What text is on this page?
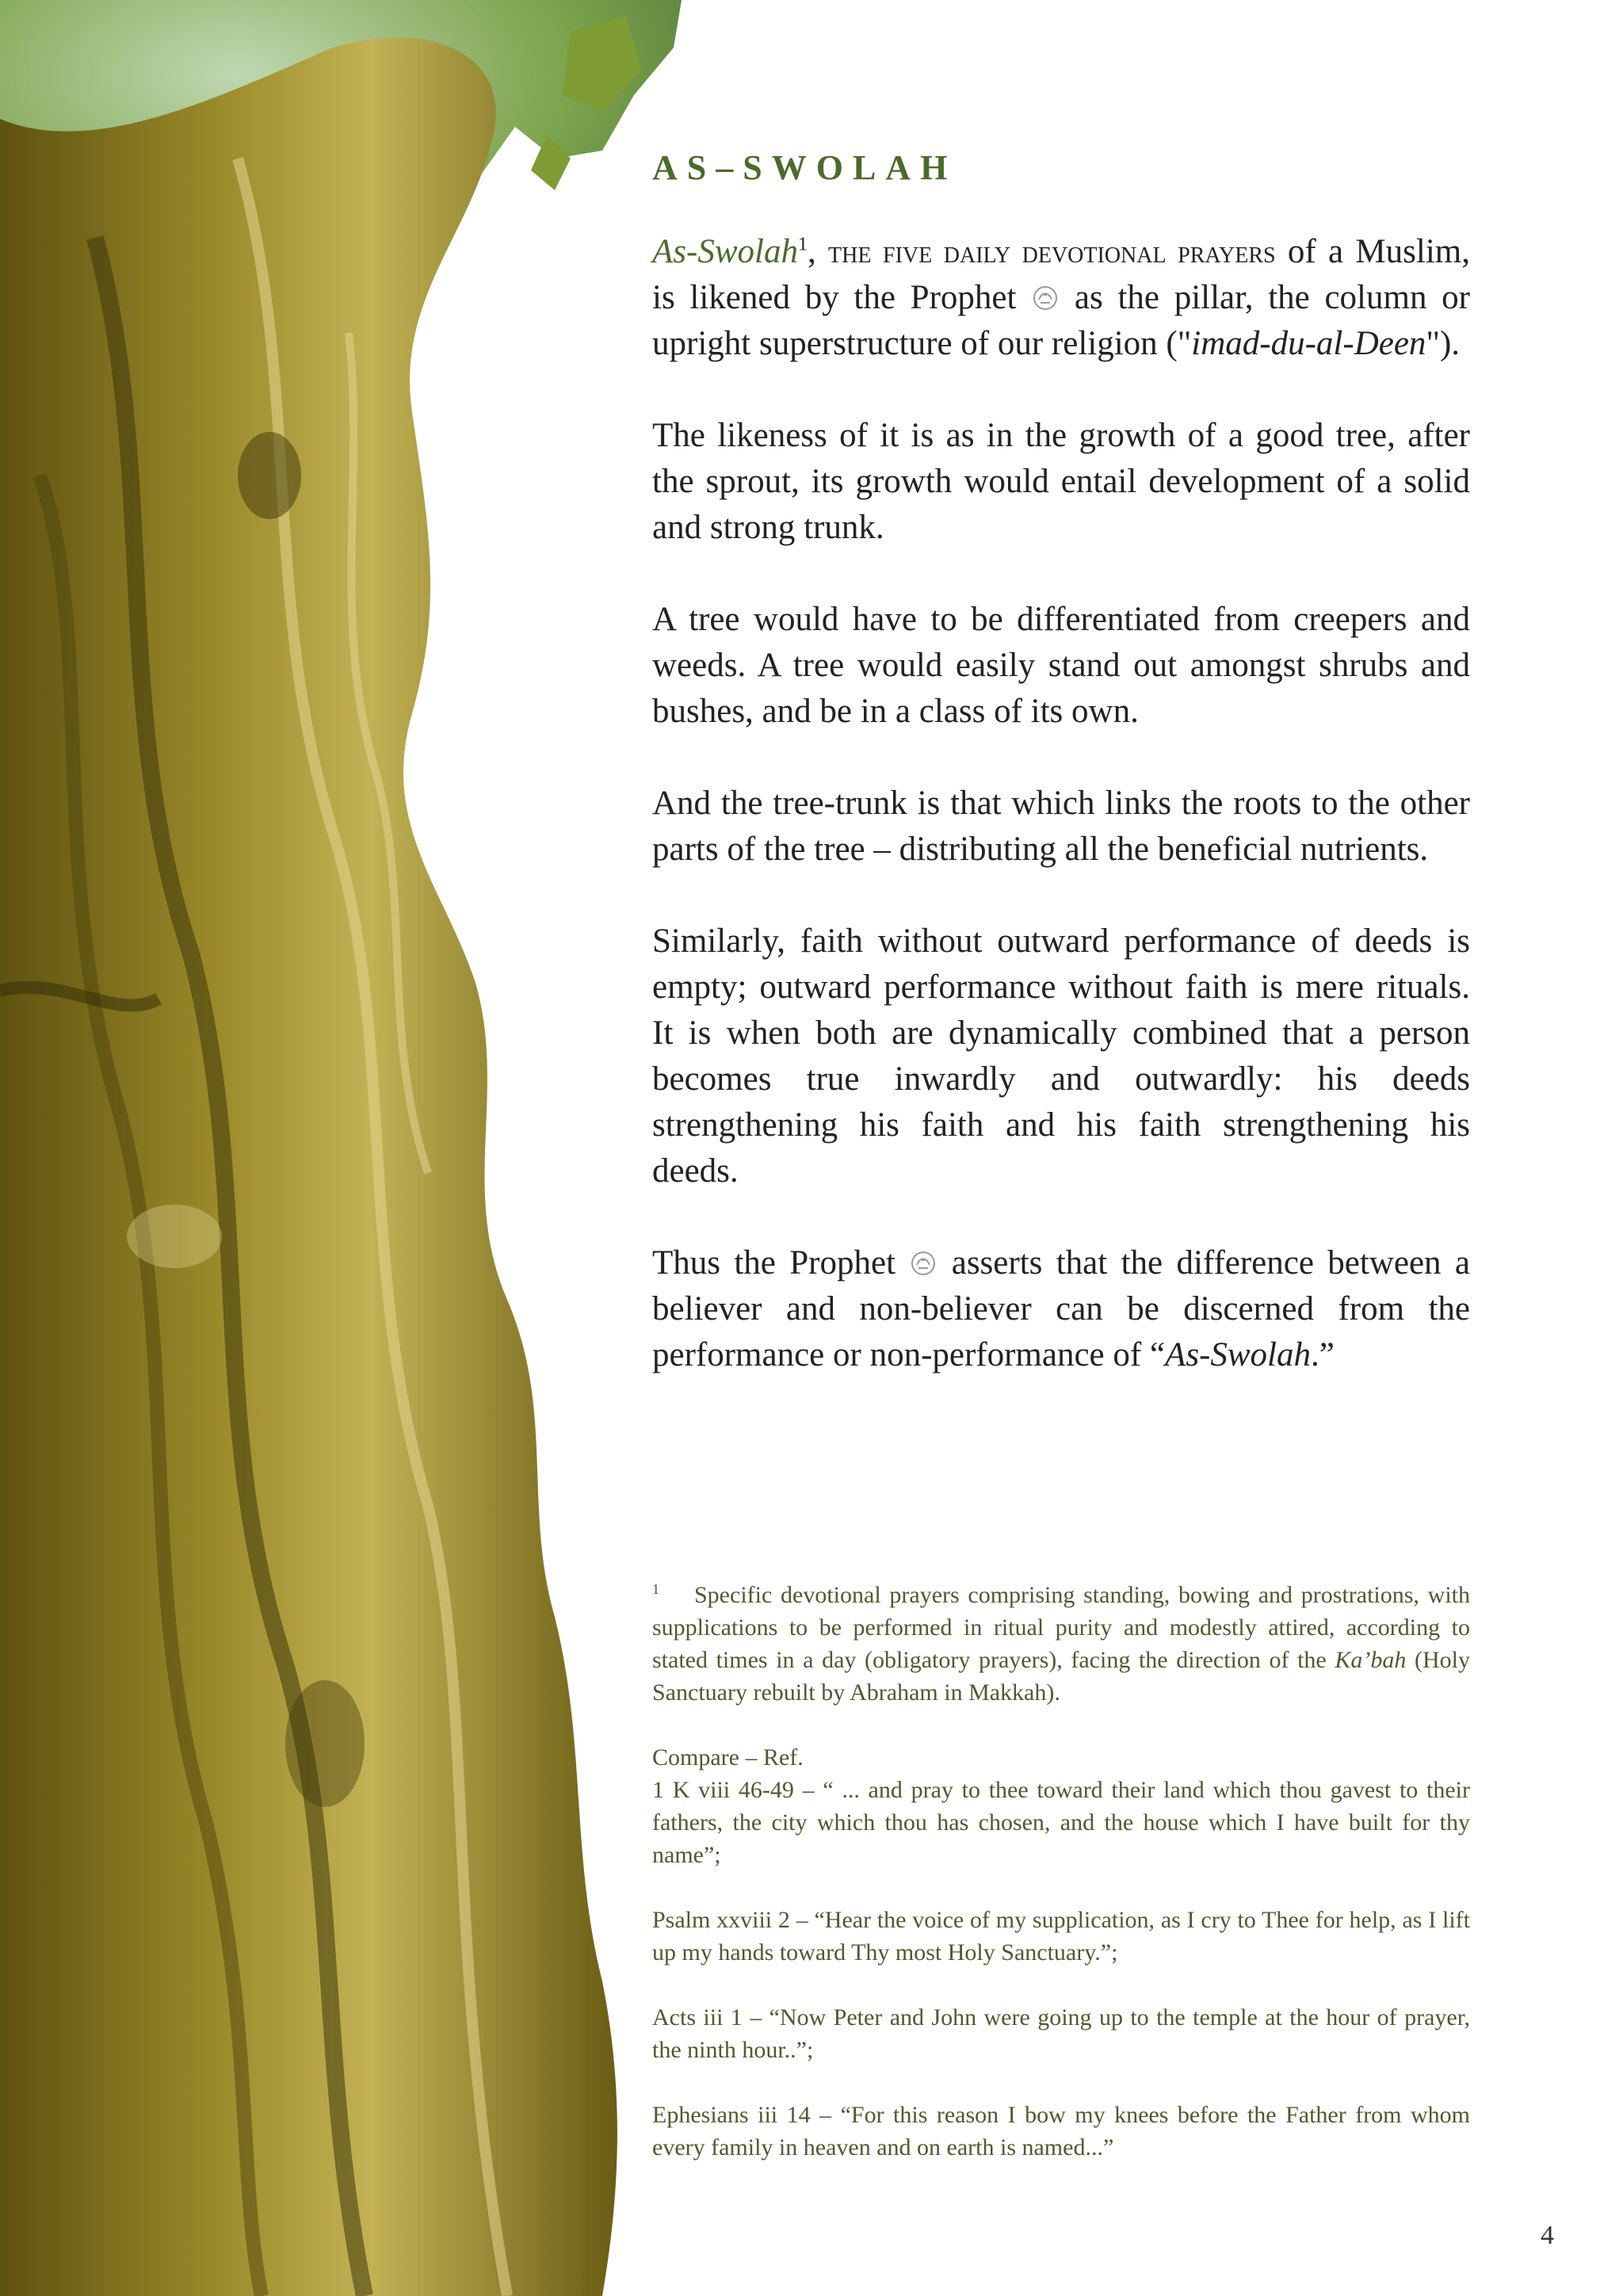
AS–SWOLAH

As-Swolah$^1$, the five daily devotional prayers of a Muslim, is likened by the Prophet  as the pillar, the column or upright superstructure of our religion ("imad-du-al-Deen").

The likeness of it is as in the growth of a good tree, after the sprout, its growth would entail development of a solid and strong trunk.

A tree would have to be differentiated from creepers and weeds. A tree would easily stand out amongst shrubs and bushes, and be in a class of its own.

And the tree-trunk is that which links the roots to the other parts of the tree – distributing all the beneficial nutrients.

Similarly, faith without outward performance of deeds is empty; outward performance without faith is mere rituals. It is when both are dynamically combined that a person becomes true inwardly and outwardly: his deeds strengthening his faith and his faith strengthening his deeds.

Thus the Prophet  asserts that the difference between a believer and non-believer can be discerned from the performance or non-performance of “As-Swolah.”

$^1$ Specific devotional prayers comprising standing, bowing and prostrations, with supplications to be performed in ritual purity and modestly attired, according to stated times in a day (obligatory prayers), facing the direction of the Ka’bah (Holy Sanctuary rebuilt by Abraham in Makkah).

Compare – Ref.
1 K viii 46-49 – “ ... and pray to thee toward their land which thou gavest to their fathers, the city which thou has chosen, and the house which I have built for thy name”;

Psalm xxviii 2 – “Hear the voice of my supplication, as I cry to Thee for help, as I lift up my hands toward Thy most Holy Sanctuary.”;

Acts iii 1 – “Now Peter and John were going up to the temple at the hour of prayer, the ninth hour..”;

Ephesians iii 14 – “For this reason I bow my knees before the Father from whom every family in heaven and on earth is named...”

4
